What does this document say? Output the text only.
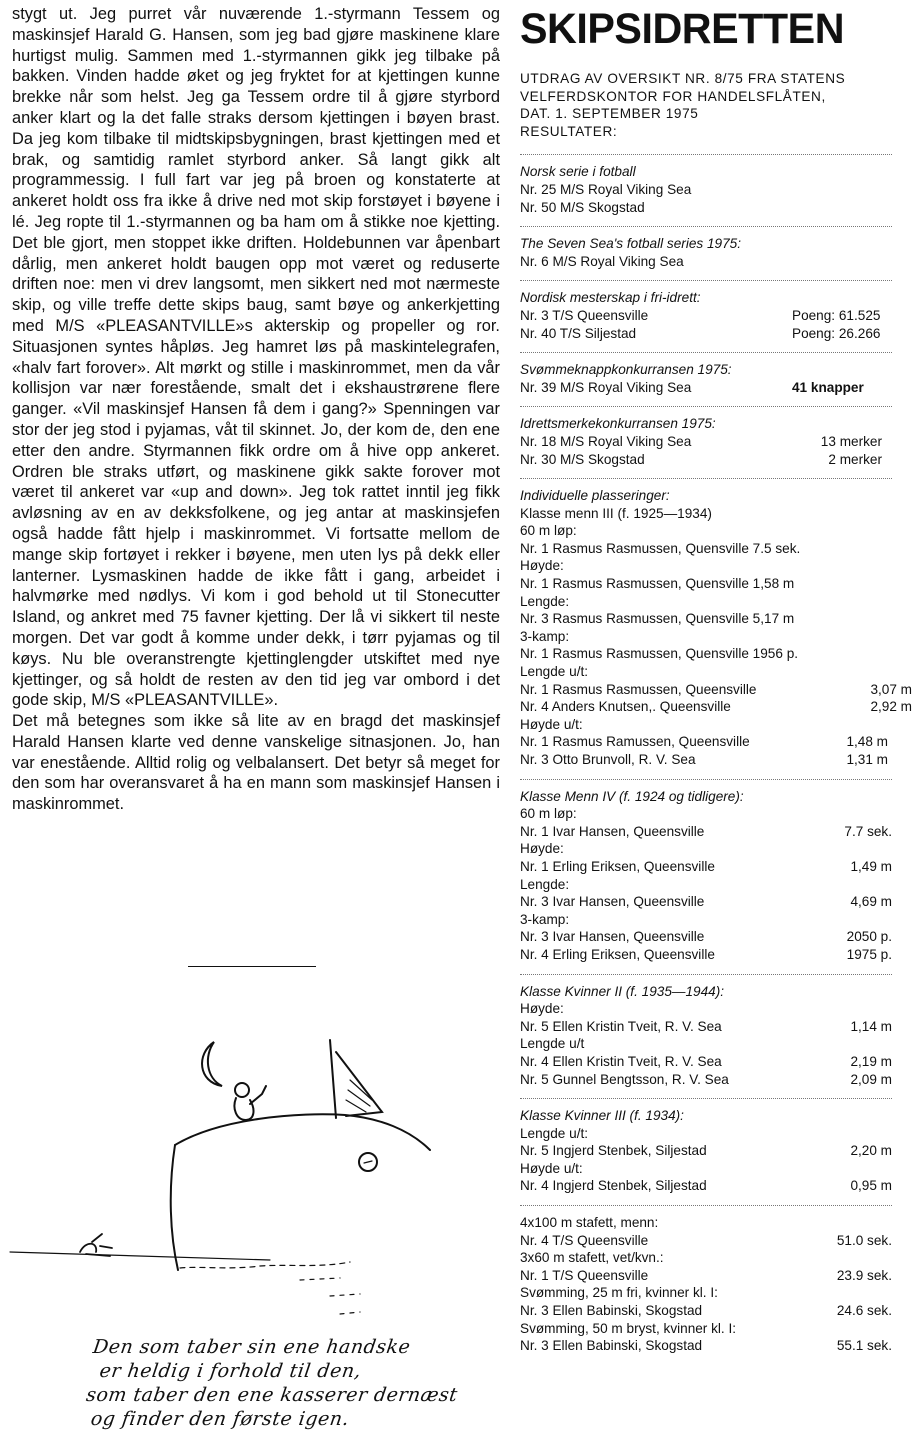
stygt ut. Jeg purret vår nuværende 1.-styrmann Tessem og maskinsjef Harald G. Hansen, som jeg bad gjøre maskinene klare hurtigst mulig. Sammen med 1.-styrmannen gikk jeg tilbake på bakken. Vinden hadde øket og jeg fryktet for at kjettingen kunne brekke når som helst. Jeg ga Tessem ordre til å gjøre styrbord anker klart og la det falle straks dersom kjettingen i bøyen brast. Da jeg kom tilbake til midtskipsbygningen, brast kjettingen med et brak, og samtidig ramlet styrbord anker. Så langt gikk alt programmessig. I full fart var jeg på broen og konstaterte at ankeret holdt oss fra ikke å drive ned mot skip forstøyet i bøyene i lé. Jeg ropte til 1.-styrmannen og ba ham om å stikke noe kjetting. Det ble gjort, men stoppet ikke driften. Holdebunnen var åpenbart dårlig, men ankeret holdt baugen opp mot været og reduserte driften noe: men vi drev langsomt, men sikkert ned mot nærmeste skip, og ville treffe dette skips baug, samt bøye og ankerkjetting med M/S «PLEASANTVILLE»s akterskip og propeller og ror. Situasjonen syntes håpløs. Jeg hamret løs på maskintelegrafen, «halv fart forover». Alt mørkt og stille i maskinrommet, men da vår kollisjon var nær forestående, smalt det i ekshaustrørene flere ganger. «Vil maskinsjef Hansen få dem i gang?» Spenningen var stor der jeg stod i pyjamas, våt til skinnet. Jo, der kom de, den ene etter den andre. Styrmannen fikk ordre om å hive opp ankeret. Ordren ble straks utført, og maskinene gikk sakte forover mot været til ankeret var «up and down». Jeg tok rattet inntil jeg fikk avløsning av en av dekksfolkene, og jeg antar at maskinsjefen også hadde fått hjelp i maskinrommet. Vi fortsatte mellom de mange skip fortøyet i rekker i bøyene, men uten lys på dekk eller lanterner. Lysmaskinen hadde de ikke fått i gang, arbeidet i halvmørke med nødlys. Vi kom i god behold ut til Stonecutter Island, og ankret med 75 favner kjetting. Der lå vi sikkert til neste morgen. Det var godt å komme under dekk, i tørr pyjamas og til køys. Nu ble overanstrengte kjettinglengder utskiftet med nye kjettinger, og så holdt de resten av den tid jeg var ombord i det gode skip, M/S «PLEASANTVILLE».

Det må betegnes som ikke så lite av en bragd det maskinsjef Harald Hansen klarte ved denne vanskelige sitnasjonen. Jo, han var enestående. Alltid rolig og velbalansert. Det betyr så meget for den som har overansvaret å ha en mann som maskinsjef Hansen i maskinrommet.

Den som taber sin ene handske
er heldig i forhold til den,
som taber den ene kasserer dernæst
og finder den første igen.
SKIPSIDRETTEN
UTDRAG AV OVERSIKT NR. 8/75 FRA STATENS
VELFERDSKONTOR FOR HANDELSFLÅTEN,
DAT. 1. SEPTEMBER 1975
RESULTATER:
Norsk serie i fotball
Nr. 25 M/S Royal Viking Sea
Nr. 50 M/S Skogstad
The Seven Sea's fotball series 1975:
Nr. 6 M/S Royal Viking Sea
Nordisk mesterskap i fri-idrett:
Nr. 3 T/S Queensville	Poeng: 61.525
Nr. 40 T/S Siljestad	Poeng: 26.266
Svømmeknappkonkurransen 1975:
Nr. 39 M/S Royal Viking Sea	41 knapper
Idrettsmerkekonkurransen 1975:
Nr. 18 M/S Royal Viking Sea	13 merker
Nr. 30 M/S Skogstad	2 merker
Individuelle plasseringer:
Klasse menn III (f. 1925—1934)
60 m løp:
Nr. 1 Rasmus Rasmussen, Quensville 7.5 sek.
Høyde:
Nr. 1 Rasmus Rasmussen, Quensville 1,58 m
Lengde:
Nr. 3 Rasmus Rasmussen, Quensville 5,17 m
3-kamp:
Nr. 1 Rasmus Rasmussen, Quensville 1956 p.
Lengde u/t:
Nr. 1 Rasmus Rasmussen, Queensville	3,07 m
Nr. 4 Anders Knutsen,. Queensville	2,92 m
Høyde u/t:
Nr. 1 Rasmus Ramussen, Queensville	1,48 m
Nr. 3 Otto Brunvoll, R. V. Sea	1,31 m
Klasse Menn IV (f. 1924 og tidligere):
60 m løp:
Nr. 1 Ivar Hansen, Queensville	7.7 sek.
Høyde:
Nr. 1 Erling Eriksen, Queensville	1,49 m
Lengde:
Nr. 3 Ivar Hansen, Queensville	4,69 m
3-kamp:
Nr. 3 Ivar Hansen, Queensville	2050 p.
Nr. 4 Erling Eriksen, Queensville	1975 p.
Klasse Kvinner II (f. 1935—1944):
Høyde:
Nr. 5 Ellen Kristin Tveit, R. V. Sea	1,14 m
Lengde u/t
Nr. 4 Ellen Kristin Tveit, R. V. Sea	2,19 m
Nr. 5 Gunnel Bengtsson, R. V. Sea	2,09 m
Klasse Kvinner III (f. 1934):
Lengde u/t:
Nr. 5 Ingjerd Stenbek, Siljestad	2,20 m
Høyde u/t:
Nr. 4 Ingjerd Stenbek, Siljestad	0,95 m
4x100 m stafett, menn:
Nr. 4 T/S Queensville	51.0 sek.
3x60 m stafett, vet/kvn.:
Nr. 1 T/S Queensville	23.9 sek.
Svømming, 25 m fri, kvinner kl. I:
Nr. 3 Ellen Babinski, Skogstad	24.6 sek.
Svømming, 50 m bryst, kvinner kl. I:
Nr. 3 Ellen Babinski, Skogstad	55.1 sek.
